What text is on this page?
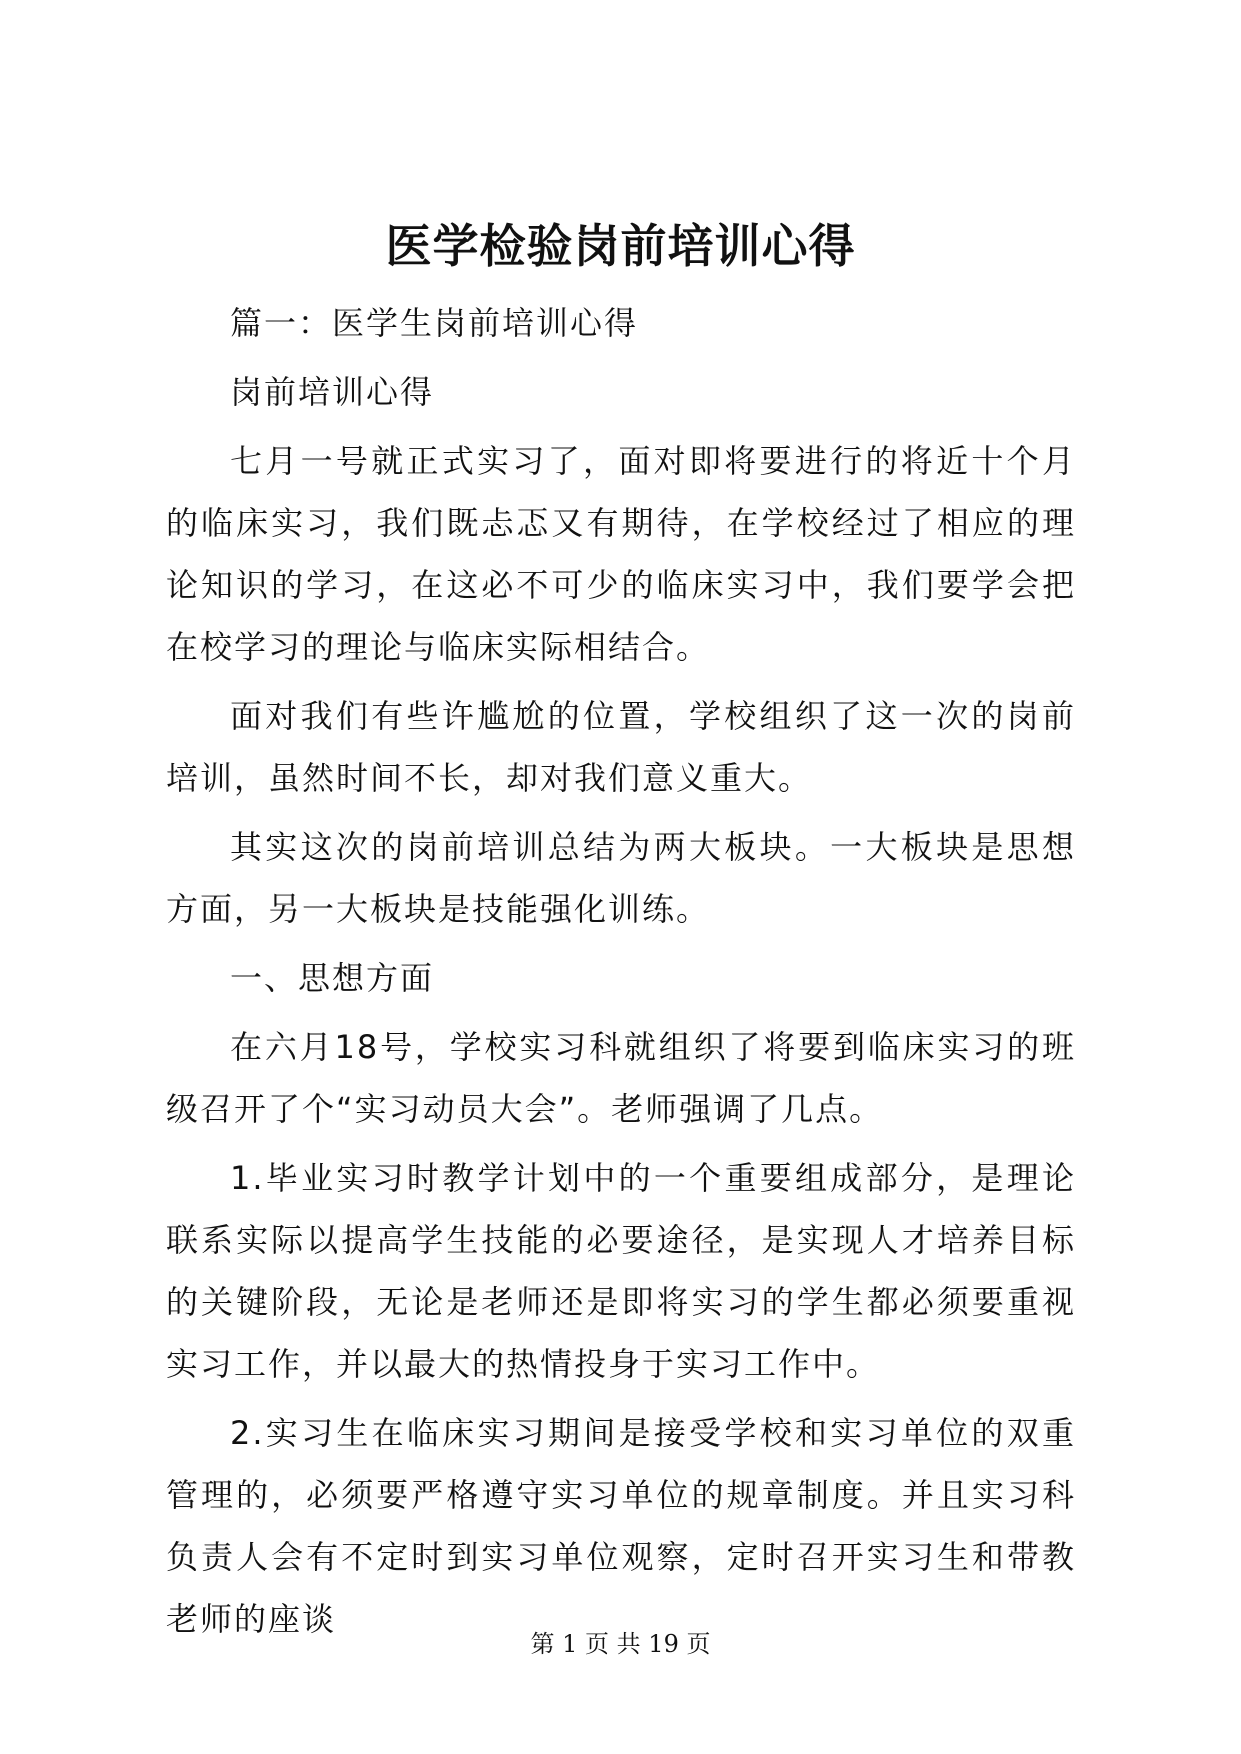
医学检验岗前培训心得

篇一：医学生岗前培训心得

岗前培训心得

七月一号就正式实习了，面对即将要进行的将近十个月的临床实习，我们既忐忑又有期待，在学校经过了相应的理论知识的学习，在这必不可少的临床实习中，我们要学会把在校学习的理论与临床实际相结合。

面对我们有些许尴尬的位置，学校组织了这一次的岗前培训，虽然时间不长，却对我们意义重大。

其实这次的岗前培训总结为两大板块。一大板块是思想方面，另一大板块是技能强化训练。

一、思想方面

在六月18号，学校实习科就组织了将要到临床实习的班级召开了个“实习动员大会”。老师强调了几点。

1.毕业实习时教学计划中的一个重要组成部分，是理论联系实际以提高学生技能的必要途径，是实现人才培养目标的关键阶段，无论是老师还是即将实习的学生都必须要重视实习工作，并以最大的热情投身于实习工作中。

2.实习生在临床实习期间是接受学校和实习单位的双重管理的，必须要严格遵守实习单位的规章制度。并且实习科负责人会有不定时到实习单位观察，定时召开实习生和带教老师的座谈

第 1 页 共 19 页
